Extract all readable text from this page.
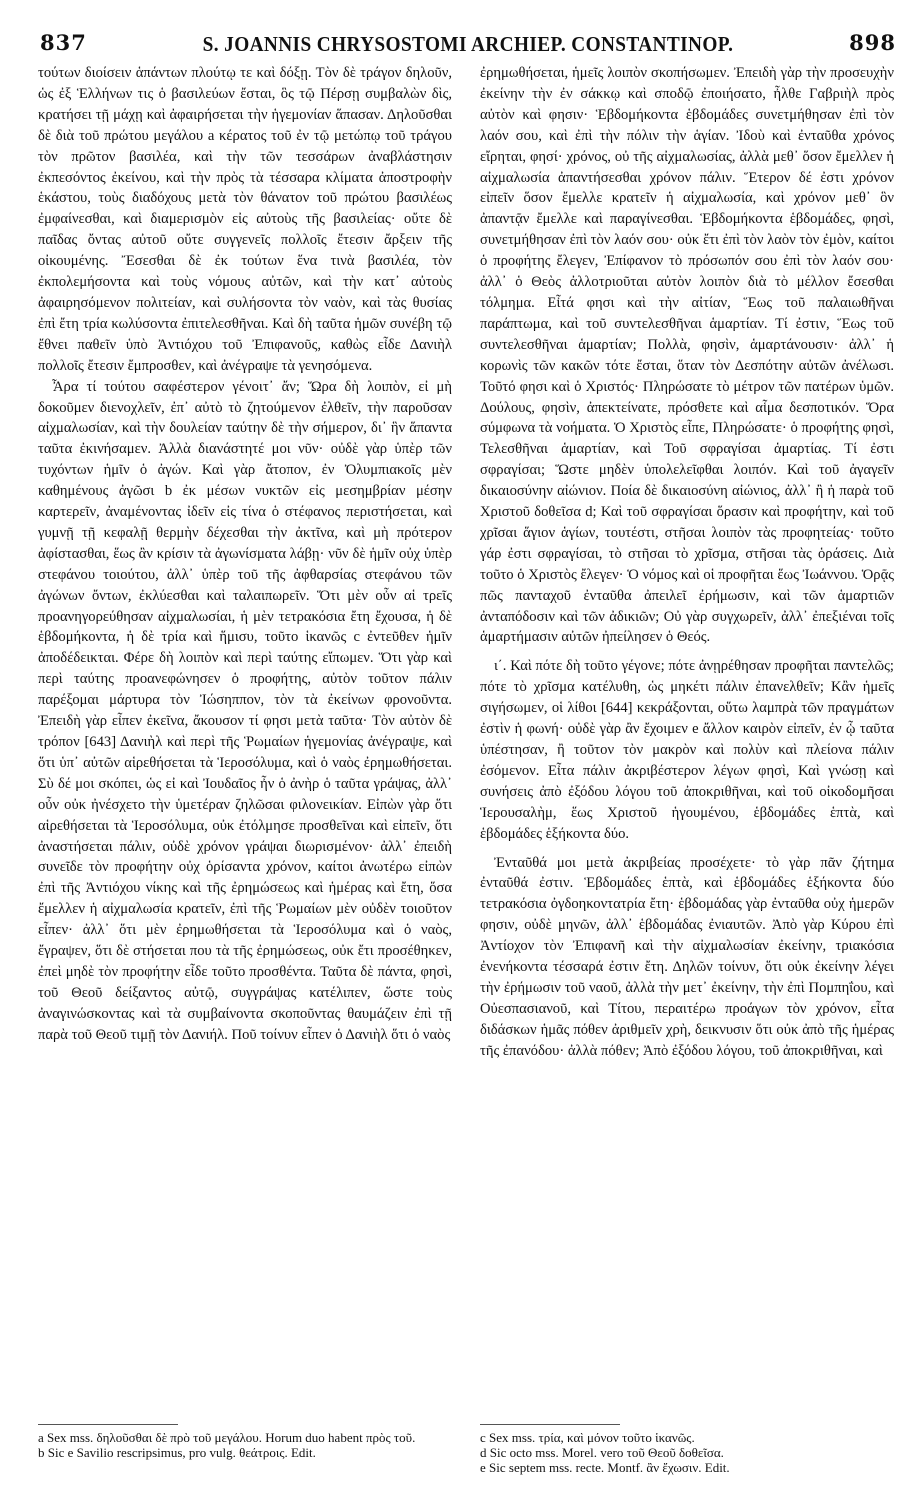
837	S. JOANNIS CHRYSOSTOMI ARCHIEP. CONSTANTINOP.	898

τούτων διοίσειν ἁπάντων πλούτῳ τε καὶ δόξῃ. Τὸν δὲ τράγον δηλοῦν, ὡς ἐξ Ἑλλήνων τις ὁ βασιλεύων ἔσται, ὃς τῷ Πέρσῃ συμβαλὼν δὶς, κρατήσει τῇ μάχῃ καὶ ἀφαιρήσεται τὴν ἡγεμονίαν ἅπασαν. Δηλοῦσθαι δὲ διὰ τοῦ πρώτου μεγάλου a κέρατος τοῦ ἐν τῷ μετώπῳ τοῦ τράγου τὸν πρῶτον βασιλέα, καὶ τὴν τῶν τεσσάρων ἀναβλάστησιν ἐκπεσόντος ἐκείνου, καὶ τὴν πρὸς τὰ τέσσαρα κλίματα ἀποστροφὴν ἑκάστου, τοὺς διαδόχους μετὰ τὸν θάνατον τοῦ πρώτου βασιλέως ἐμφαίνεσθαι, καὶ διαμερισμὸν εἰς αὐτοὺς τῆς βασιλείας· οὔτε δὲ παῖδας ὄντας αὐτοῦ οὔτε συγγενεῖς πολλοῖς ἔτεσιν ἄρξειν τῆς οἰκουμένης. Ἔσεσθαι δὲ ἐκ τούτων ἕνα τινὰ βασιλέα, τὸν ἐκπολεμήσοντα καὶ τοὺς νόμους αὐτῶν, καὶ τὴν κατ᾽ αὐτοὺς ἀφαιρησόμενον πολιτείαν, καὶ συλήσοντα τὸν ναὸν, καὶ τὰς θυσίας ἐπὶ ἔτη τρία κωλύσοντα ἐπιτελεσθῆναι. Καὶ δὴ ταῦτα ἡμῶν συνέβη τῷ ἔθνει παθεῖν ὑπὸ Ἀντιόχου τοῦ Ἐπιφανοῦς, καθὼς εἶδε Δανιὴλ πολλοῖς ἔτεσιν ἔμπροσθεν, καὶ ἀνέγραψε τὰ γενησόμενα.

Ἆρα τί τούτου σαφέστερον γένοιτ᾽ ἄν; Ὥρα δὴ λοιπὸν, εἰ μὴ δοκοῦμεν διενοχλεῖν, ἐπ᾽ αὐτὸ τὸ ζητούμενον ἐλθεῖν, τὴν παροῦσαν αἰχμαλωσίαν, καὶ τὴν δουλείαν ταύτην δὲ τὴν σήμερον, δι᾽ ἣν ἅπαντα ταῦτα ἐκινήσαμεν. Ἀλλὰ διανάστητέ μοι νῦν· οὐδὲ γὰρ ὑπὲρ τῶν τυχόντων ἡμῖν ὁ ἀγών. Καὶ γὰρ ἄτοπον, ἐν Ὀλυμπιακοῖς μὲν καθημένους ἀγῶσι b ἐκ μέσων νυκτῶν εἰς μεσημβρίαν μέσην καρτερεῖν, ἀναμένοντας ἰδεῖν εἰς τίνα ὁ στέφανος περιστήσεται, καὶ γυμνῇ τῇ κεφαλῇ θερμὴν δέχεσθαι τὴν ἀκτῖνα, καὶ μὴ πρότερον ἀφίστασθαι, ἕως ἂν κρίσιν τὰ ἀγωνίσματα λάβῃ· νῦν δὲ ἡμῖν οὐχ ὑπὲρ στεφάνου τοιούτου, ἀλλ᾽ ὑπὲρ τοῦ τῆς ἀφθαρσίας στεφάνου τῶν ἀγώνων ὄντων, ἐκλύεσθαι καὶ ταλαιπωρεῖν. Ὅτι μὲν οὖν αἱ τρεῖς προανηγορεύθησαν αἰχμαλωσίαι, ἡ μὲν τετρακόσια ἔτη ἔχουσα, ἡ δὲ ἑβδομήκοντα, ἡ δὲ τρία καὶ ἥμισυ, τοῦτο ἱκανῶς c ἐντεῦθεν ἡμῖν ἀποδέδεικται. Φέρε δὴ λοιπὸν καὶ περὶ ταύτης εἴπωμεν. Ὅτι γὰρ καὶ περὶ ταύτης προανεφώνησεν ὁ προφήτης, αὐτὸν τοῦτον πάλιν παρέξομαι μάρτυρα τὸν Ἰώσηππον, τὸν τὰ ἐκείνων φρονοῦντα. Ἐπειδὴ γὰρ εἶπεν ἐκεῖνα, ἄκουσον τί φησι μετὰ ταῦτα· Τὸν αὐτὸν δὲ τρόπον [643] Δανιὴλ καὶ περὶ τῆς Ῥωμαίων ἡγεμονίας ἀνέγραψε, καὶ ὅτι ὑπ᾽ αὐτῶν αἱρεθήσεται τὰ Ἱεροσόλυμα, καὶ ὁ ναὸς ἐρημωθήσεται. Σὺ δέ μοι σκόπει, ὡς εἰ καὶ Ἰουδαῖος ἦν ὁ ἀνὴρ ὁ ταῦτα γράψας, ἀλλ᾽ οὖν οὐκ ἠνέσχετο τὴν ὑμετέραν ζηλῶσαι φιλονεικίαν. Εἰπὼν γὰρ ὅτι αἱρεθήσεται τὰ Ἱεροσόλυμα, οὐκ ἐτόλμησε προσθεῖναι καὶ εἰπεῖν, ὅτι ἀναστήσεται πάλιν, οὐδὲ χρόνον γράψαι διωρισμένον· ἀλλ᾽ ἐπειδὴ συνεῖδε τὸν προφήτην οὐχ ὁρίσαντα χρόνον, καίτοι ἀνωτέρω εἰπὼν ἐπὶ τῆς Ἀντιόχου νίκης καὶ τῆς ἐρημώσεως καὶ ἡμέρας καὶ ἔτη, ὅσα ἔμελλεν ἡ αἰχμαλωσία κρατεῖν, ἐπὶ τῆς Ῥωμαίων μὲν οὐδὲν τοιοῦτον εἶπεν· ἀλλ᾽ ὅτι μὲν ἐρημωθήσεται τὰ Ἱεροσόλυμα καὶ ὁ ναὸς, ἔγραψεν, ὅτι δὲ στήσεται που τὰ τῆς ἐρημώσεως, οὐκ ἔτι προσέθηκεν, ἐπεὶ μηδὲ τὸν προφήτην εἶδε τοῦτο προσθέντα. Ταῦτα δὲ πάντα, φησὶ, τοῦ Θεοῦ δείξαντος αὐτῷ, συγγράψας κατέλιπεν, ὥστε τοὺς ἀναγινώσκοντας καὶ τὰ συμβαίνοντα σκοποῦντας θαυμάζειν ἐπὶ τῇ παρὰ τοῦ Θεοῦ τιμῇ τὸν Δανιήλ. Ποῦ τοίνυν εἶπεν ὁ Δανιὴλ ὅτι ὁ ναὸς

ἐρημωθήσεται, ἡμεῖς λοιπὸν σκοπήσωμεν. Ἐπειδὴ γὰρ τὴν προσευχὴν ἐκείνην τὴν ἐν σάκκῳ καὶ σποδῷ ἐποιήσατο, ἦλθε Γαβριὴλ πρὸς αὐτὸν καὶ φησιν· Ἑβδομήκοντα ἑβδομάδες συνετμήθησαν ἐπὶ τὸν λαόν σου, καὶ ἐπὶ τὴν πόλιν τὴν ἁγίαν. Ἰδοὺ καὶ ἐνταῦθα χρόνος εἴρηται, φησί· χρόνος, οὐ τῆς αἰχμαλωσίας, ἀλλὰ μεθ᾽ ὅσον ἔμελλεν ἡ αἰχμαλωσία ἀπαντήσεσθαι χρόνον πάλιν. Ἕτερον δέ ἐστι χρόνον εἰπεῖν ὅσον ἔμελλε κρατεῖν ἡ αἰχμαλωσία, καὶ χρόνον μεθ᾽ ὃν ἀπαντᾷν ἔμελλε καὶ παραγίνεσθαι. Ἑβδομήκοντα ἑβδομάδες, φησὶ, συνετμήθησαν ἐπὶ τὸν λαόν σου· οὐκ ἔτι ἐπὶ τὸν λαὸν τὸν ἐμὸν, καίτοι ὁ προφήτης ἔλεγεν, Ἐπίφανον τὸ πρόσωπόν σου ἐπὶ τὸν λαόν σου· ἀλλ᾽ ὁ Θεὸς ἀλλοτριοῦται αὐτὸν λοιπὸν διὰ τὸ μέλλον ἔσεσθαι τόλμημα. Εἶτά φησι καὶ τὴν αἰτίαν, Ἕως τοῦ παλαιωθῆναι παράπτωμα, καὶ τοῦ συντελεσθῆναι ἁμαρτίαν. Τί ἐστιν, Ἕως τοῦ συντελεσθῆναι ἁμαρτίαν; Πολλὰ, φησὶν, ἁμαρτάνουσιν· ἀλλ᾽ ἡ κορωνὶς τῶν κακῶν τότε ἔσται, ὅταν τὸν Δεσπότην αὐτῶν ἀνέλωσι. Τοῦτό φησι καὶ ὁ Χριστός· Πληρώσατε τὸ μέτρον τῶν πατέρων ὑμῶν. Δούλους, φησὶν, ἀπεκτείνατε, πρόσθετε καὶ αἷμα δεσποτικόν. Ὅρα σύμφωνα τὰ νοήματα. Ὁ Χριστὸς εἶπε, Πληρώσατε· ὁ προφήτης φησὶ, Τελεσθῆναι ἁμαρτίαν, καὶ Τοῦ σφραγίσαι ἁμαρτίας. Τί ἐστι σφραγίσαι; Ὥστε μηδὲν ὑπολελεῖφθαι λοιπόν. Καὶ τοῦ ἀγαγεῖν δικαιοσύνην αἰώνιον. Ποία δὲ δικαιοσύνη αἰώνιος, ἀλλ᾽ ἢ ἡ παρὰ τοῦ Χριστοῦ δοθεῖσα d; Καὶ τοῦ σφραγίσαι ὅρασιν καὶ προφήτην, καὶ τοῦ χρῖσαι ἅγιον ἁγίων, τουτέστι, στῆσαι λοιπὸν τὰς προφητείας· τοῦτο γάρ ἐστι σφραγίσαι, τὸ στῆσαι τὸ χρῖσμα, στῆσαι τὰς ὁράσεις. Διὰ τοῦτο ὁ Χριστὸς ἔλεγεν· Ὁ νόμος καὶ οἱ προφῆται ἕως Ἰωάννου. Ὁρᾷς πῶς πανταχοῦ ἐνταῦθα ἀπειλεῖ ἐρήμωσιν, καὶ τῶν ἁμαρτιῶν ἀνταπόδοσιν καὶ τῶν ἀδικιῶν; Οὐ γὰρ συγχωρεῖν, ἀλλ᾽ ἐπεξιέναι τοῖς ἁμαρτήμασιν αὐτῶν ἠπείλησεν ὁ Θεός.

ι΄. Καὶ πότε δὴ τοῦτο γέγονε; πότε ἀνῃρέθησαν προφῆται παντελῶς; πότε τὸ χρῖσμα κατέλυθη, ὡς μηκέτι πάλιν ἐπανελθεῖν; Κἂν ἡμεῖς σιγήσωμεν, οἱ λίθοι [644] κεκράξονται, οὕτω λαμπρὰ τῶν πραγμάτων ἐστὶν ἡ φωνή· οὐδὲ γὰρ ἂν ἔχοιμεν e ἄλλον καιρὸν εἰπεῖν, ἐν ᾧ ταῦτα ὑπέστησαν, ἢ τοῦτον τὸν μακρὸν καὶ πολὺν καὶ πλείονα πάλιν ἐσόμενον. Εἶτα πάλιν ἀκριβέστερον λέγων φησὶ, Καὶ γνώσῃ καὶ συνήσεις ἀπὸ ἐξόδου λόγου τοῦ ἀποκριθῆναι, καὶ τοῦ οἰκοδομῆσαι Ἱερουσαλὴμ, ἕως Χριστοῦ ἡγουμένου, ἑβδομάδες ἑπτὰ, καὶ ἑβδομάδες ἑξήκοντα δύο.

Ἐνταῦθά μοι μετὰ ἀκριβείας προσέχετε· τὸ γὰρ πᾶν ζήτημα ἐνταῦθά ἐστιν. Ἑβδομάδες ἑπτὰ, καὶ ἑβδομάδες ἑξήκοντα δύο τετρακόσια ὀγδοηκοντατρία ἔτη· ἑβδομάδας γὰρ ἐνταῦθα οὐχ ἡμερῶν φησιν, οὐδὲ μηνῶν, ἀλλ᾽ ἑβδομάδας ἐνιαυτῶν. Ἀπὸ γὰρ Κύρου ἐπὶ Ἀντίοχον τὸν Ἐπιφανῆ καὶ τὴν αἰχμαλωσίαν ἐκείνην, τριακόσια ἐνενήκοντα τέσσαρά ἐστιν ἔτη. Δηλῶν τοίνυν, ὅτι οὐκ ἐκείνην λέγει τὴν ἐρήμωσιν τοῦ ναοῦ, ἀλλὰ τὴν μετ᾽ ἐκείνην, τὴν ἐπὶ Πομπηΐου, καὶ Οὐεσπασιανοῦ, καὶ Τίτου, περαιτέρω προάγων τὸν χρόνον, εἶτα διδάσκων ἡμᾶς πόθεν ἀριθμεῖν χρὴ, δεικνυσιν ὅτι οὐκ ἀπὸ τῆς ἡμέρας τῆς ἐπανόδου· ἀλλὰ πόθεν; Ἀπὸ ἐξόδου λόγου, τοῦ ἀποκριθῆναι, καὶ

a Sex mss. δηλοῦσθαι δὲ πρὸ τοῦ μεγάλου. Horum duo habent πρὸς τοῦ.

b Sic e Savilio rescripsimus, pro vulg. θεάτροις. Edit.

c Sex mss. τρία, καὶ μόνον τοῦτο ἱκανῶς.

d Sic octo mss. Morel. vero τοῦ Θεοῦ δοθεῖσα.

e Sic septem mss. recte. Montf. ἂν ἔχωσιν. Edit.
